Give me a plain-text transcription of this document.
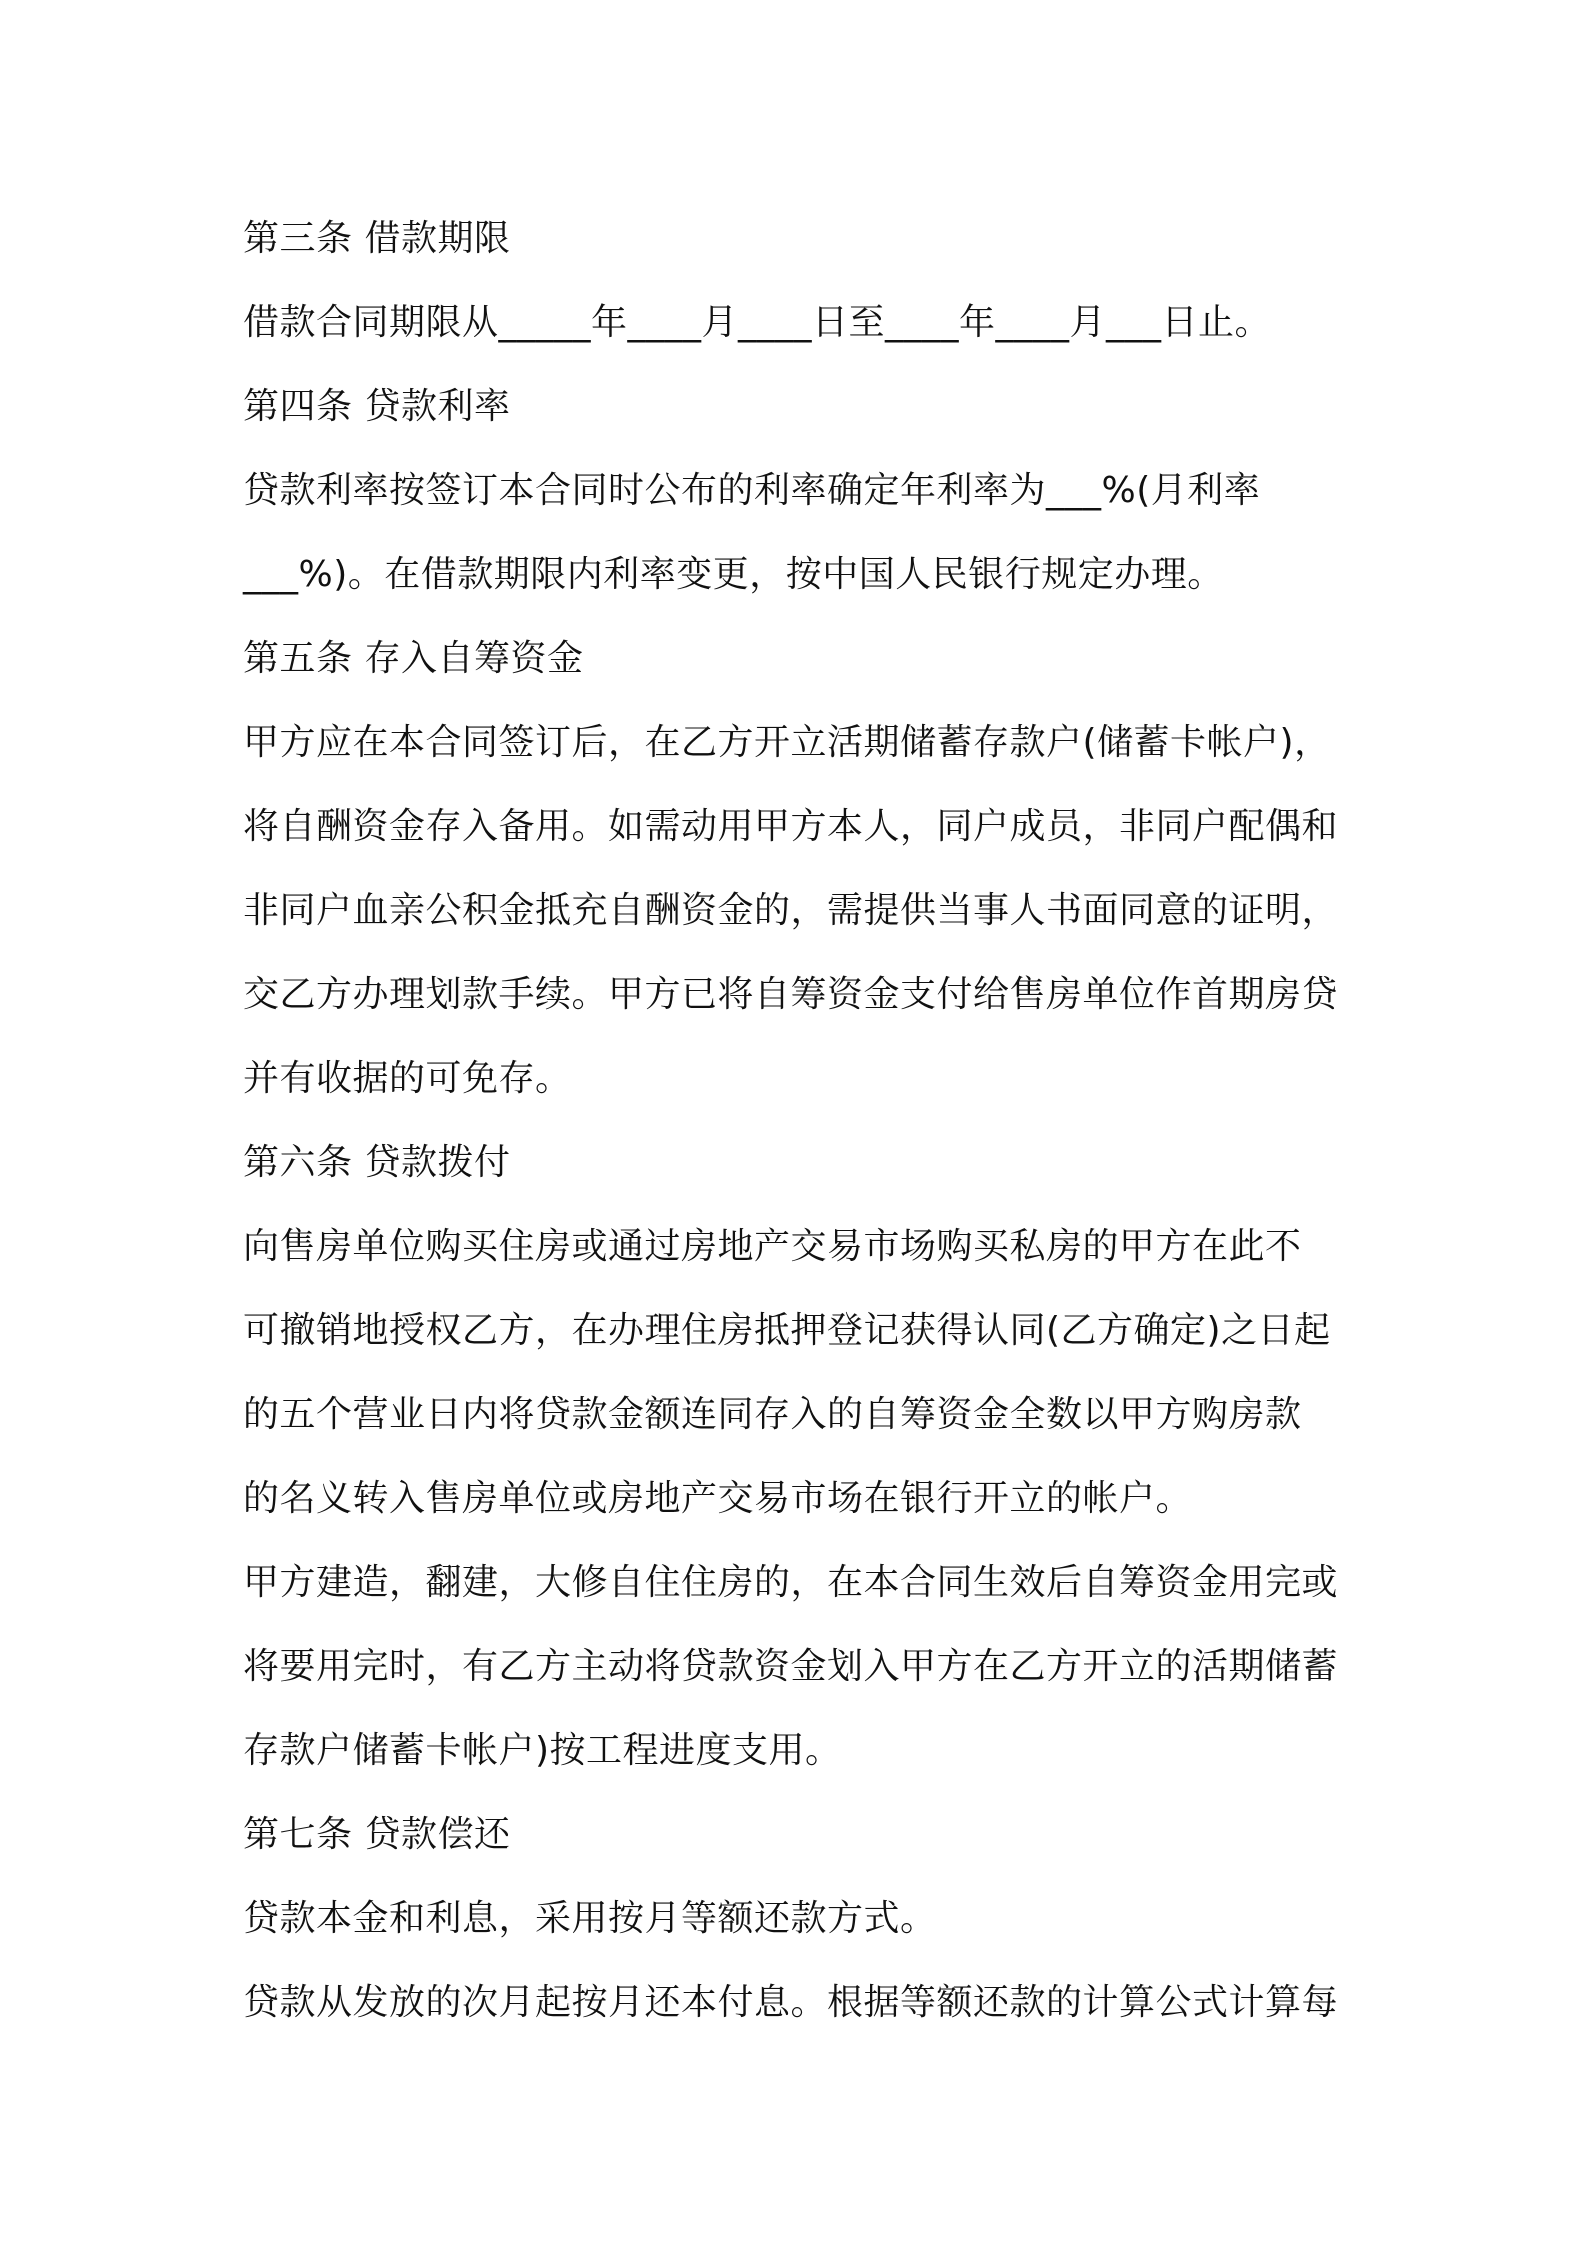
第三条 借款期限
借款合同期限从_____年____月____日至____年____月___日止。
第四条 贷款利率
贷款利率按签订本合同时公布的利率确定年利率为___%(月利率
___%)。在借款期限内利率变更，按中国人民银行规定办理。
第五条 存入自筹资金
甲方应在本合同签订后，在乙方开立活期储蓄存款户(储蓄卡帐户)，
将自酬资金存入备用。如需动用甲方本人，同户成员，非同户配偶和
非同户血亲公积金抵充自酬资金的，需提供当事人书面同意的证明，
交乙方办理划款手续。甲方已将自筹资金支付给售房单位作首期房贷
并有收据的可免存。
第六条 贷款拨付
向售房单位购买住房或通过房地产交易市场购买私房的甲方在此不
可撤销地授权乙方，在办理住房抵押登记获得认同(乙方确定)之日起
的五个营业日内将贷款金额连同存入的自筹资金全数以甲方购房款
的名义转入售房单位或房地产交易市场在银行开立的帐户。
甲方建造，翻建，大修自住住房的，在本合同生效后自筹资金用完或
将要用完时，有乙方主动将贷款资金划入甲方在乙方开立的活期储蓄
存款户储蓄卡帐户)按工程进度支用。
第七条 贷款偿还
贷款本金和利息，采用按月等额还款方式。
贷款从发放的次月起按月还本付息。根据等额还款的计算公式计算每
